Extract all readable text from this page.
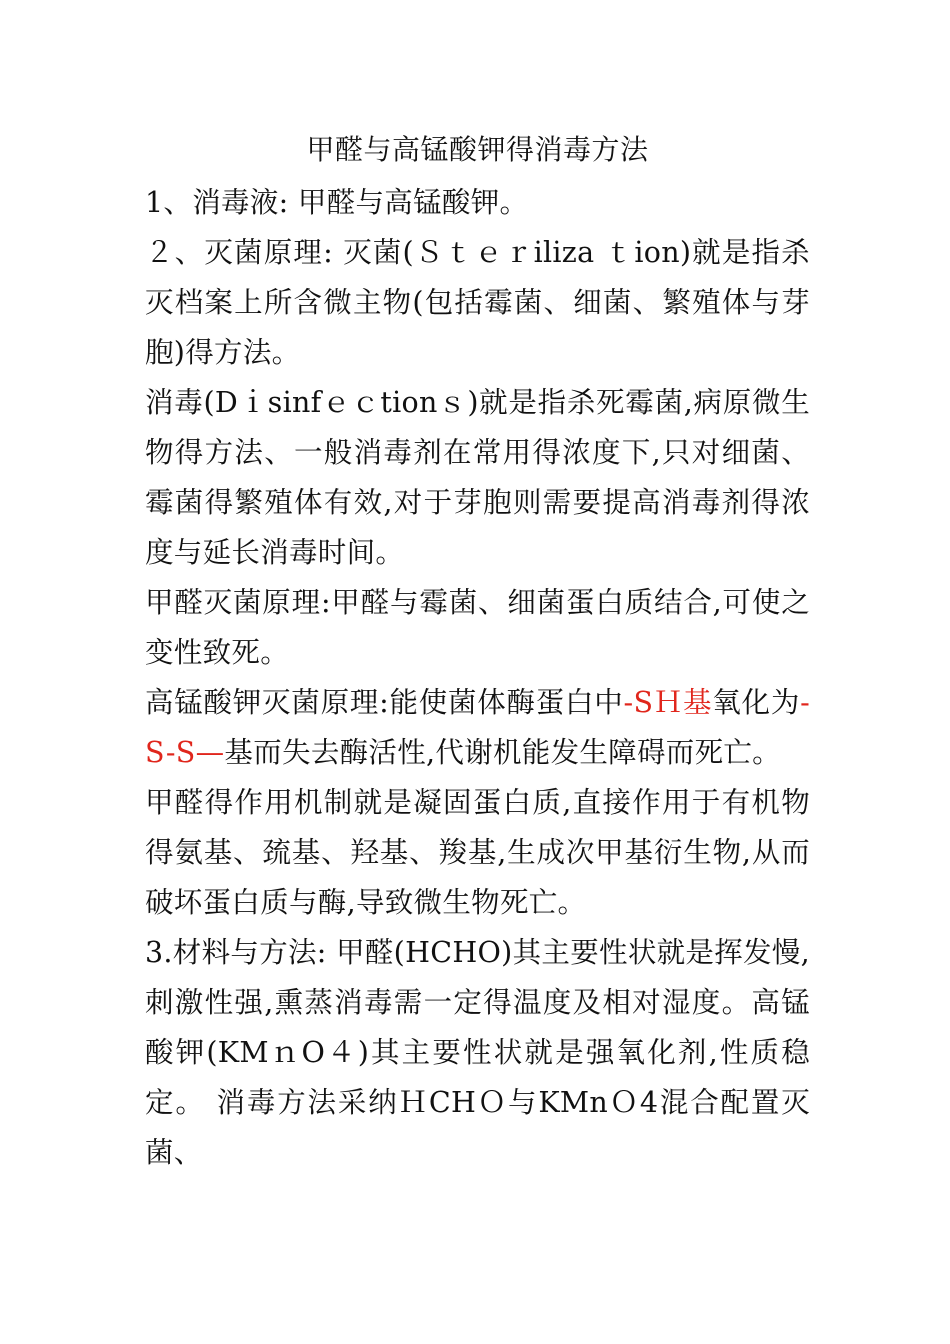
甲醛与高锰酸钾得消毒方法

1、消毒液: 甲醛与高锰酸钾。

２、灭菌原理: 灭菌(Ｓｔｅｒiliza ｔion)就是指杀灭档案上所含微主物(包括霉菌、细菌、繁殖体与芽胞)得方法。

消毒(Dｉsinfｅｃtionｓ)就是指杀死霉菌,病原微生物得方法、一般消毒剂在常用得浓度下,只对细菌、霉菌得繁殖体有效,对于芽胞则需要提高消毒剂得浓度与延长消毒时间。

甲醛灭菌原理:甲醛与霉菌、细菌蛋白质结合,可使之变性致死。

高锰酸钾灭菌原理:能使菌体酶蛋白中-SＨ基氧化为-S-S—基而失去酶活性,代谢机能发生障碍而死亡。

甲醛得作用机制就是凝固蛋白质,直接作用于有机物得氨基、巯基、羟基、羧基,生成次甲基衍生物,从而破坏蛋白质与酶,导致微生物死亡。

3.材料与方法: 甲醛(HCHO)其主要性状就是挥发慢,刺激性强,熏蒸消毒需一定得温度及相对湿度。高锰酸钾(KMｎO４)其主要性状就是强氧化剂,性质稳定。 消毒方法采纳ＨCHＯ与KMnＯ4混合配置灭菌、
